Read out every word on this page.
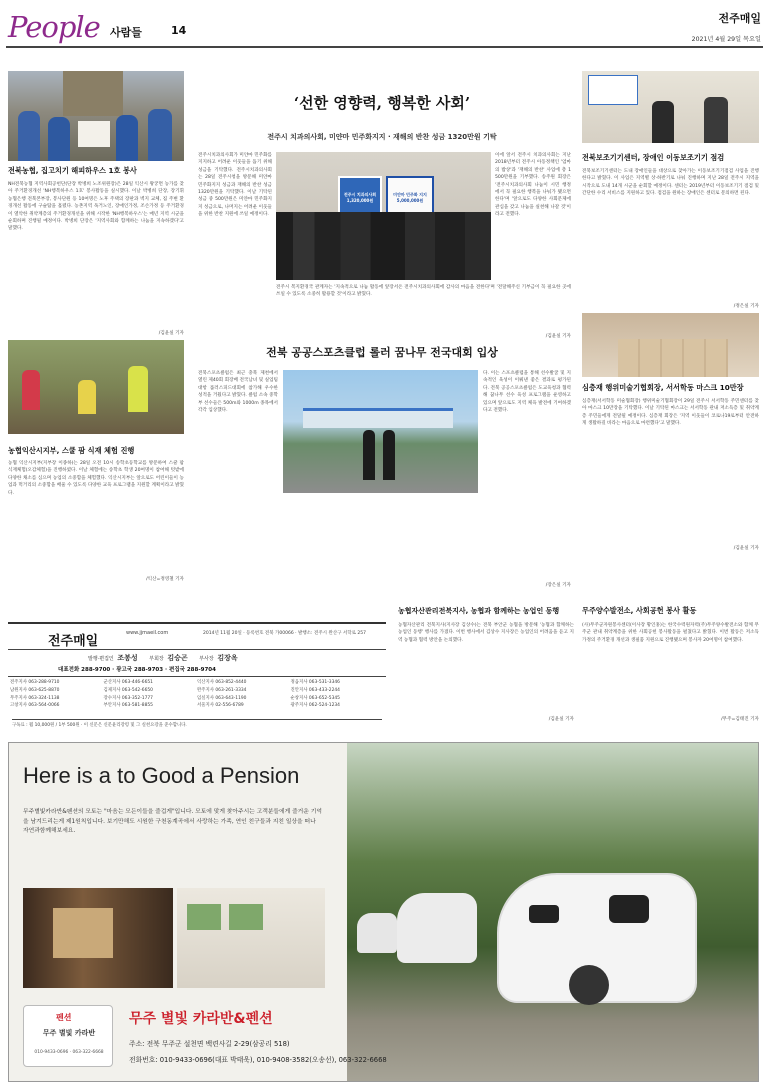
People 사람들	14
전주매일
2021년 4월 29일 목요일
전북농협, 집고치기 해피하우스 1호 봉사
NH전북농협 지역사회공헌단(단장 박병희 노조위원장)은 28일 익산시 왕궁면 농가를 찾아 주거환경개선 'NH행복하우스 1호' 봉사활동을 실시했다. 이날 박병희 단장, 장기휘 농협은행 전북본부장, 봉사단원 등 10여명은 노후 주택의 장판과 벽지 교체, 집 주변 환경개선 활동에 구슬땀을 흘렸다. 농촌지역 독거노인, 장애인가정, 조손가정 등 주거환경이 열악한 취약계층의 주거환경개선을 위해 시작한 'NH행복하우스'는 매년 지역 시군을 순회하며 진행될 예정이다. 박병희 단장은 '지역사회와 함께하는 나눔을 지속하겠다'고 말했다.
/김윤실 기자
농협익산시지부, 스쿨 팜 식재 체험 진행
농협 익산시지부(지부장 이종하)는 28일 오전 10시 송학초등학교를 방문하여 스쿨 팜 식재체험(오감체험)을 진행하였다. 이날 체험에는 송학초 학생 20여명이 참여해 텃밭에 다양한 채소를 심으며 농업의 소중함을 체험했다. 익산시지부는 앞으로도 어린이들이 농업과 먹거리의 소중함을 배울 수 있도록 다양한 교육 프로그램을 지원할 계획이라고 밝혔다.
/익산=정영철 기자
‘선한 영향력, 행복한 사회’
전주시 치과의사회, 미얀마 민주화지지 · 재해의 반찬 성금 1320만원 기탁
전주시치과의사회가 미얀마 민주화를 지지하고 어려운 이웃들을 돕기 위해 성금을 기탁했다. 전주시치과의사회는 28일 전주시청을 방문해 미얀마 민주화지지 성금과 재해의 반찬 성금 1320만원을 기탁했다. 이날 기탁된 성금 중 500만원은 미얀마 민주화지지 성금으로, 나머지는 어려운 이웃들을 위한 반찬 지원에 쓰일 예정이다.
전주시 치과의사회 1,320,000원
미얀마 민주화 지지 5,000,000원
이에 앞서 전주시 치과의사회는 지난 2018년부터 전주시 아동정책인 '엄마의 밥상'과 '재해의 반찬' 사업에 총 1500만원을 기부했다. 송주원 회장은 '전주시치과의사회 나눔이 시민 행정에서 꼭 필요한 행복을 나눠가 됐으면 한다'며 '앞으로도 다양한 사회문제에 관심을 갖고 나눔을 실천해 나갈 것'이라고 전했다.
전주시 복지환경국 관계자는 '지속적으로 나눔 활동에 앞장서온 전주시치과의사회에 감사의 마음을 전한다'며 '전달해주신 기부금이 꼭 필요한 곳에 쓰일 수 있도록 소중히 활용할 것'이라고 밝혔다.
/김윤실 기자
전북 공공스포츠클럽 롤러 꿈나무 전국대회 입상
전북스포츠클럽은 최근 충북 제천에서 열린 제40회 회장배 전국남녀 및 실업팀대항 롤러스피드대회에 참가해 우수한 성적을 거뒀다고 밝혔다. 클럽 소속 중학부 선수들은 500m와 1000m 종목에서 각각 입상했다.
다. 이는 스포츠클럽을 통해 선수발굴 및 지속적인 육성이 이뤄낸 좋은 결과로 평가된다. 전북 공공스포츠클럽은 도교육청과 협력해 꿈나무 선수 육성 프로그램을 운영하고 있으며 앞으로도 지역 체육 발전에 기여하겠다고 전했다.
/장은실 기자
전북보조기기센터, 장애인 이동보조기기 점검
전북보조기기센터는 도내 장애인들을 대상으로 찾아가는 이동보조기기점검 사업을 진행한다고 밝혔다. 이 사업은 지역별 상·하반기로 나눠 진행하며 지난 28일 전주시 지역을 시작으로 도내 14개 시군을 순회할 예정이다. 센터는 2019년부터 이동보조기기 점검 및 간단한 수리 서비스를 지원하고 있다. 점검을 원하는 장애인은 센터로 문의하면 된다.
/정은실 기자
심층재 행위미술기협회장, 서서학동 마스크 10만장
심층재(서서학동 미술협회장) 행위미술기협회장이 29일 전주시 서서학동 주민센터를 찾아 마스크 10만장을 기탁했다. 이날 기탁된 마스크는 서서학동 관내 저소득층 및 취약계층 주민들에게 전달될 예정이다. 심층재 회장은 '지역 이웃들이 코로나19로부터 안전하게 생활하길 바라는 마음으로 마련했다'고 말했다.
/김윤실 기자
무주양수발전소, 사회공헌 봉사 활동
(사)무주군자원봉사센터(이사장 황인홍)는 한국수력원자력(주)무주양수발전소와 함께 무주군 관내 취약계층을 위한 사회공헌 봉사활동을 펼쳤다고 밝혔다. 이번 활동은 저소득 가정의 주거환경 개선과 생필품 지원으로 진행됐으며 봉사자 20여명이 참여했다.
/무주=김태진 기자
전주매일
www.jjmaeil.com	2014년 11월 20일 · 등록번호 전북 가00066 · 발행소: 전주시 완산구 서학로 257
발행·편집인 조봉성 부회장 김승곤 부사장 김장옥
대표전화 288-9700 · 광고국 288-9703 · 편집국 288-9704
전주지사 063-288-9710	군산지사 063-446-6651	익산지사 063-852-4440	정읍지사 063-531-3346
남원지사 063-625-8870	김제지사 063-542-6650	완주지사 063-261-3334	진안지사 063-433-2244
무주지사 063-324-1138	장수지사 063-352-1777	임실지사 063-643-1190	순창지사 063-652-5345
고창지사 063-564-0066	부안지사 063-581-8855	서울지사 02-556-6789	광주지사 062-524-1234
구독료 : 월 10,000원 / 1부 500원 · 이 신문은 신문윤리강령 및 그 실천요강을 준수합니다.
농협자산관리전북지사, 농협과 함께하는 농업인 동행
농협자산관리 전북지사(지사장 김상수)는 전북 부안군 농협을 방문해 '농협과 함께하는 농업인 동행' 행사를 가졌다. 이번 행사에서 김상수 지사장은 농업인의 어려움을 듣고 지역 농협과 협력 방안을 논의했다.
/김윤실 기자
Here is a to Good a Pension
무주별빛카라반&펜션의 모토는 "마음는 모든이들을 즐겁게"입니다. 모토에 맞게 찾아주시는 고객분들에게 즐거운 기억을 남겨드리는게 제1원칙입니다. 보기만해도 시원한 구천동계곡에서 사랑하는 가족, 연인 친구들과 지친 일상을 떠나 자연과함께해보세요.
펜션
무주 별빛 카라반
010-9433-0696 · 063-322-6668
무주 별빛 카라반&펜션
주소: 전북 무주군 설천면 백련사길 2-29(삼공리 518)
전화번호: 010-9433-0696(대표 박태욱), 010-9408-3582(오송선), 063-322-6668
